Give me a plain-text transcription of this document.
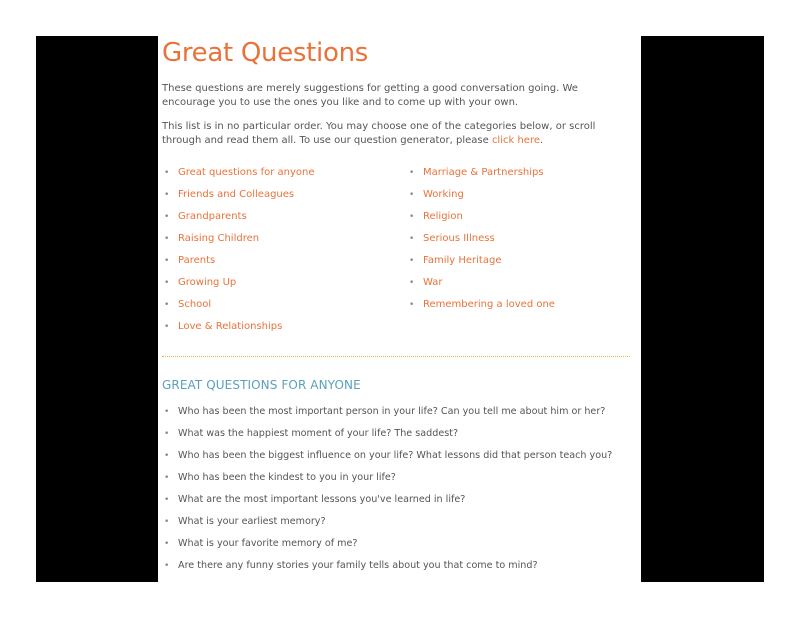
Great Questions

These questions are merely suggestions for getting a good conversation going. We encourage you to use the ones you like and to come up with your own.

This list is in no particular order. You may choose one of the categories below, or scroll through and read them all. To use our question generator, please click here.

• Great questions for anyone
• Friends and Colleagues
• Grandparents
• Raising Children
• Parents
• Growing Up
• School
• Love & Relationships
• Marriage & Partnerships
• Working
• Religion
• Serious Illness
• Family Heritage
• War
• Remembering a loved one
GREAT QUESTIONS FOR ANYONE
• Who has been the most important person in your life? Can you tell me about him or her?
• What was the happiest moment of your life? The saddest?
• Who has been the biggest influence on your life? What lessons did that person teach you?
• Who has been the kindest to you in your life?
• What are the most important lessons you've learned in life?
• What is your earliest memory?
• What is your favorite memory of me?
• Are there any funny stories your family tells about you that come to mind?
